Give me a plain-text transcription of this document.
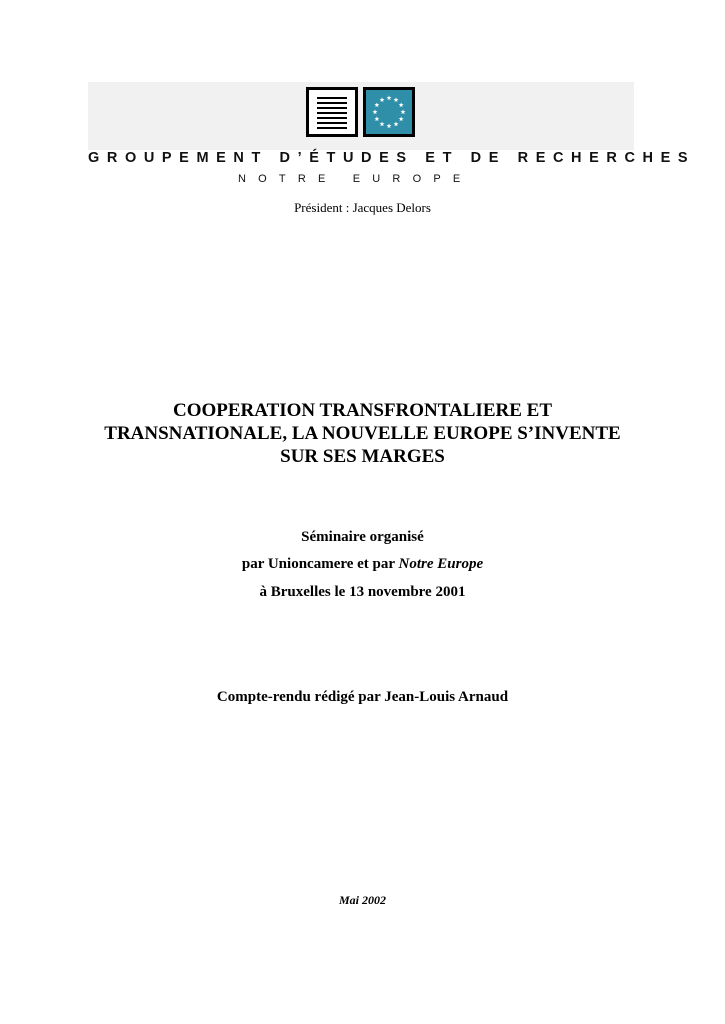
GROUPEMENT D’ÉTUDES ET DE RECHERCHES
NOTRE EUROPE
Président : Jacques Delors
COOPERATION TRANSFRONTALIERE ET
TRANSNATIONALE, LA NOUVELLE EUROPE S’INVENTE
SUR SES MARGES
Séminaire organisé
par Unioncamere et par Notre Europe
à Bruxelles le 13 novembre 2001
Compte-rendu rédigé par Jean-Louis Arnaud
Mai 2002
